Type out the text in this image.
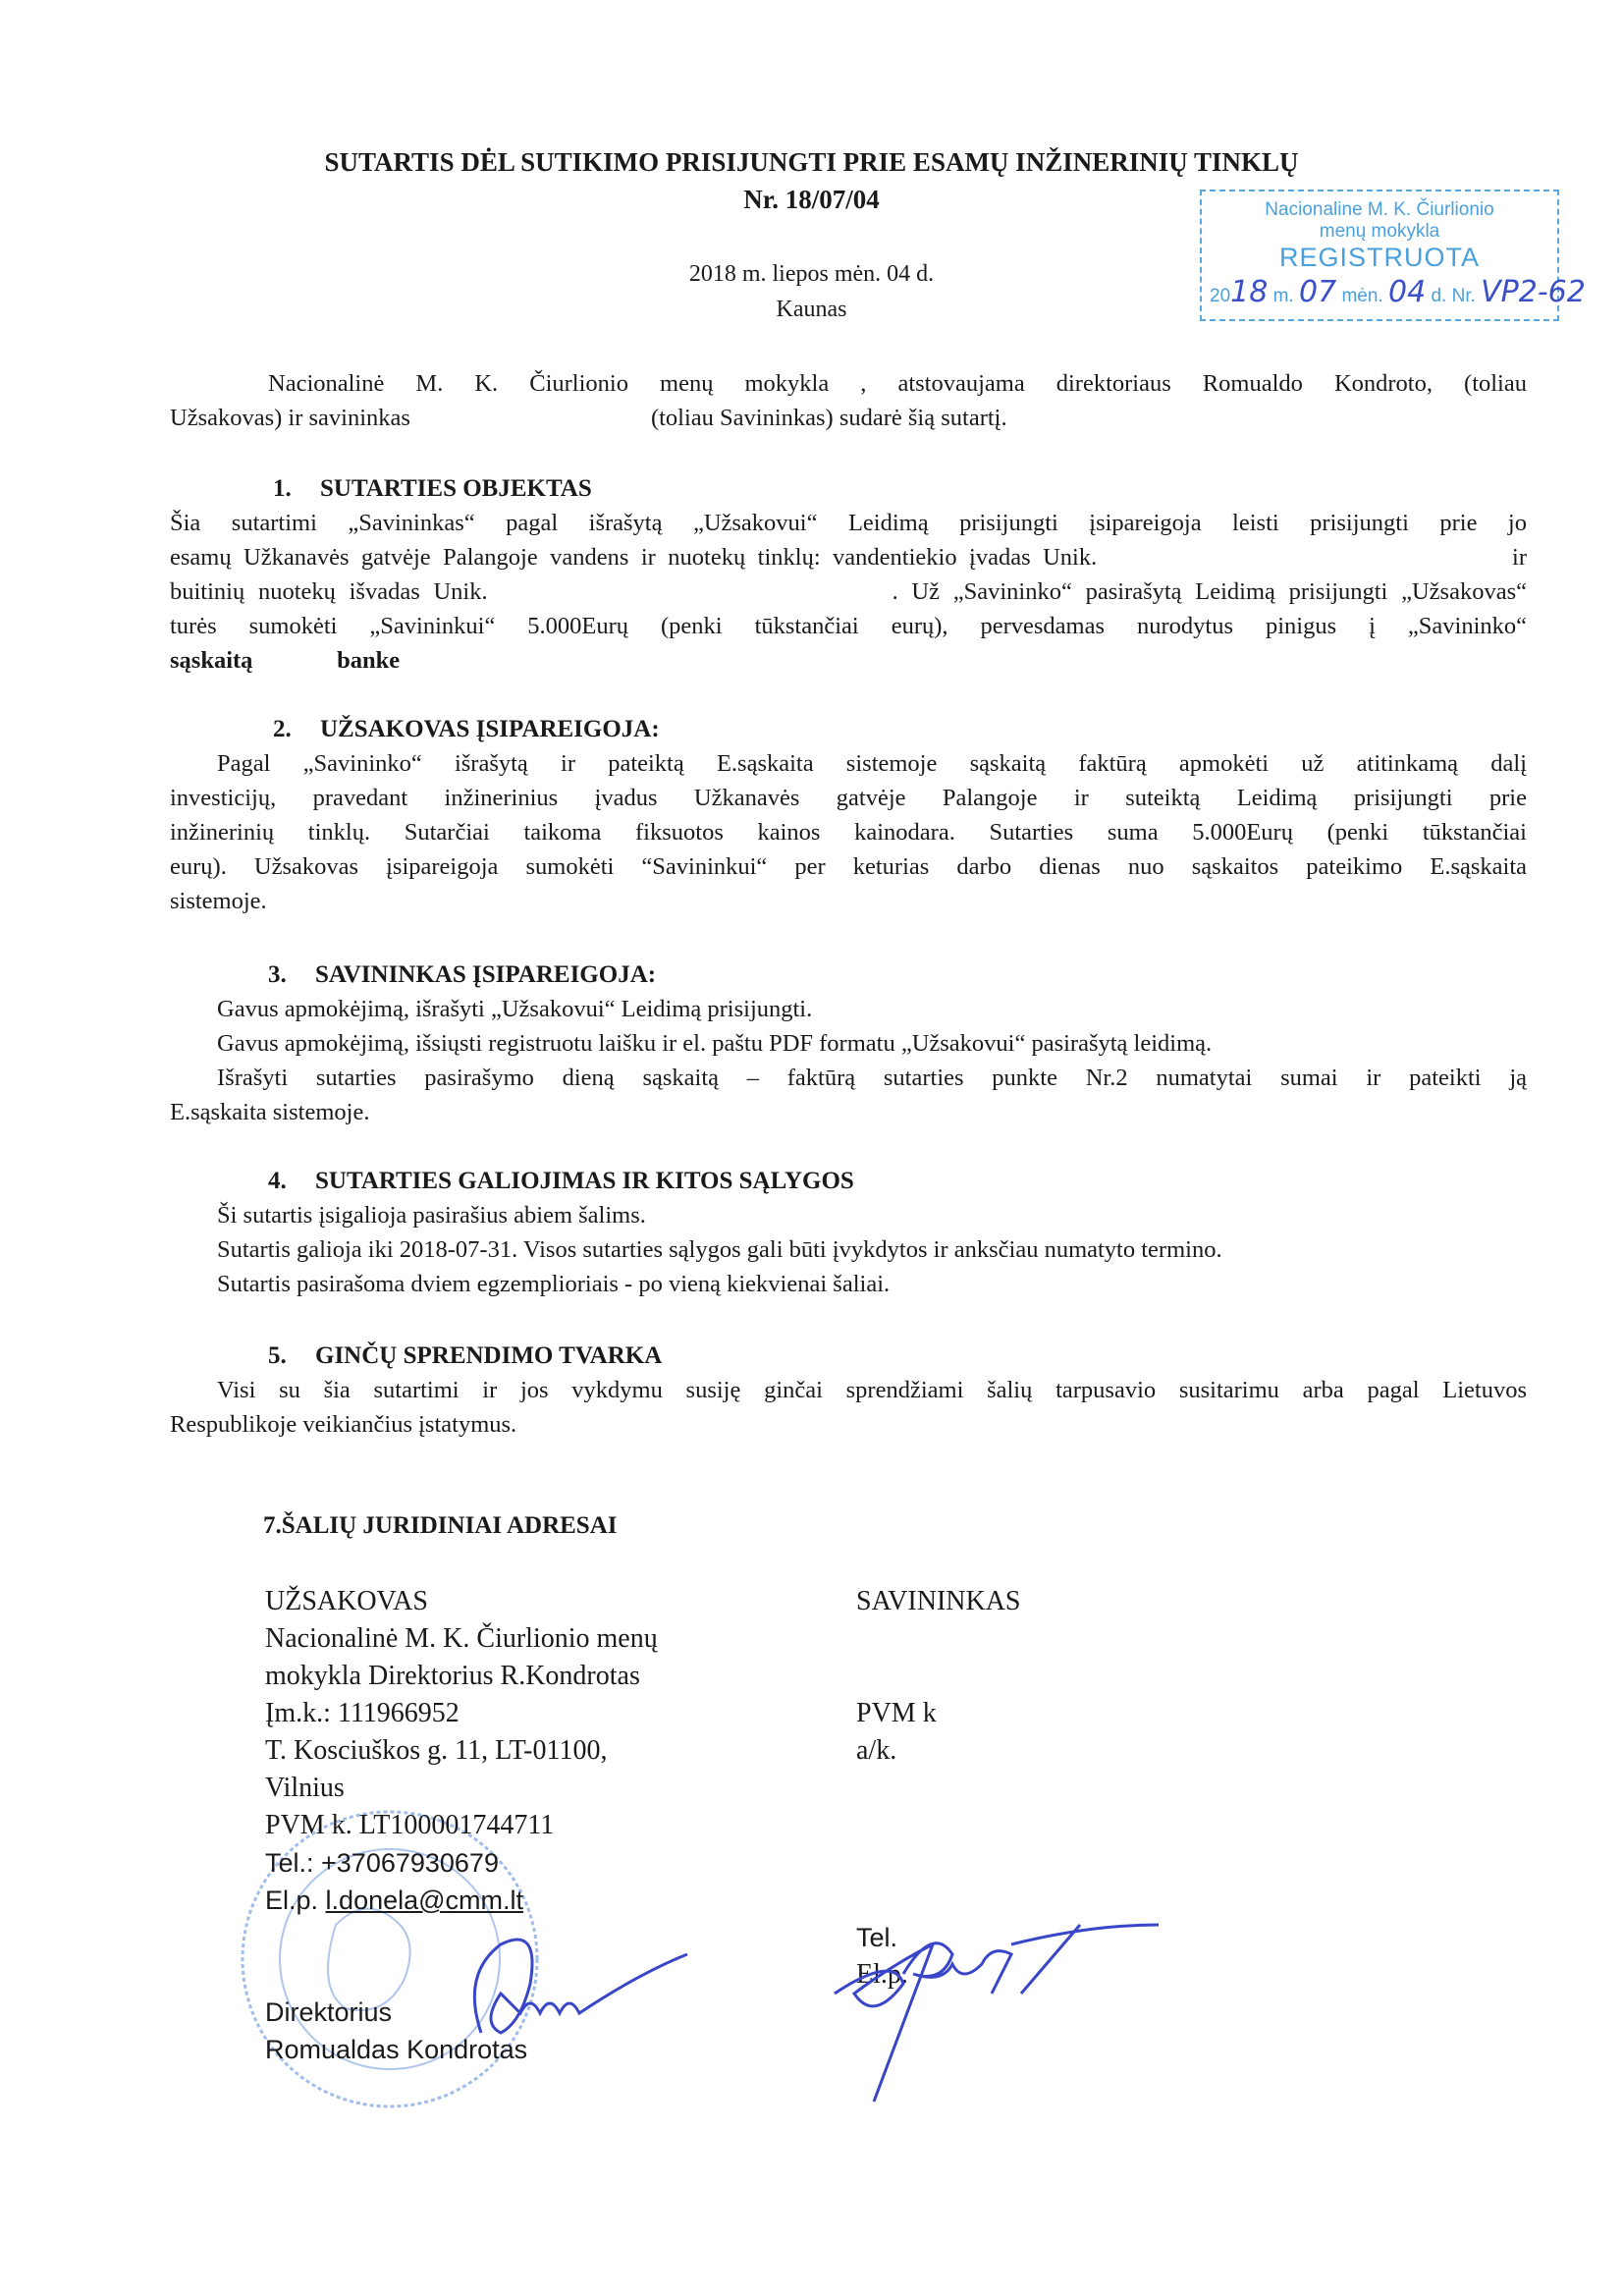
SUTARTIS DĖL SUTIKIMO PRISIJUNGTI PRIE ESAMŲ INŽINERINIŲ TINKLŲ
Nr. 18/07/04
2018 m. liepos mėn. 04 d.
Kaunas
Nacionaline M. K. Čiurlionio
menų mokykla
REGISTRUOTA
2018 m. 07 mėn. 04 d. Nr. VP2-62
Nacionalinė M. K. Čiurlionio menų mokykla , atstovaujama direktoriaus Romualdo Kondroto, (toliau
Užsakovas) ir savininkas                                        (toliau Savininkas) sudarė šią sutartį.
1. SUTARTIES OBJEKTAS
Šia sutartimi „Savininkas“ pagal išrašytą „Užsakovui“ Leidimą prisijungti įsipareigoja leisti prisijungti prie jo
esamų Užkanavės gatvėje Palangoje vandens ir nuotekų tinklų: vandentiekio įvadas Unik.                                  ir
buitinių nuotekų išvadas Unik.                              . Už „Savininko“ pasirašytą Leidimą prisijungti „Užsakovas“
turės sumokėti „Savininkui“ 5.000Eurų (penki tūkstančiai eurų), pervesdamas nurodytus pinigus į „Savininko“
sąskaitą              banke
2. UŽSAKOVAS ĮSIPAREIGOJA:
Pagal „Savininko“ išrašytą ir pateiktą E.sąskaita sistemoje sąskaitą faktūrą apmokėti už atitinkamą dalį
investicijų, pravedant inžinerinius įvadus Užkanavės gatvėje Palangoje ir suteiktą Leidimą prisijungti prie
inžinerinių tinklų. Sutarčiai taikoma fiksuotos kainos kainodara. Sutarties suma 5.000Eurų (penki tūkstančiai
eurų). Užsakovas įsipareigoja sumokėti “Savininkui“ per keturias darbo dienas nuo sąskaitos pateikimo E.sąskaita
sistemoje.
3. SAVININKAS ĮSIPAREIGOJA:
Gavus apmokėjimą, išrašyti „Užsakovui“ Leidimą prisijungti.
Gavus apmokėjimą, išsiųsti registruotu laišku ir el. paštu PDF formatu „Užsakovui“ pasirašytą leidimą.
Išrašyti sutarties pasirašymo dieną sąskaitą – faktūrą sutarties punkte Nr.2 numatytai sumai ir pateikti ją
E.sąskaita sistemoje.
4. SUTARTIES GALIOJIMAS IR KITOS SĄLYGOS
Ši sutartis įsigalioja pasirašius abiem šalims.
Sutartis galioja iki 2018-07-31. Visos sutarties sąlygos gali būti įvykdytos ir anksčiau numatyto termino.
Sutartis pasirašoma dviem egzemplioriais - po vieną kiekvienai šaliai.
5. GINČŲ SPRENDIMO TVARKA
Visi su šia sutartimi ir jos vykdymu susiję ginčai sprendžiami šalių tarpusavio susitarimu arba pagal Lietuvos
Respublikoje veikiančius įstatymus.
7.ŠALIŲ JURIDINIAI ADRESAI
UŽSAKOVAS
Nacionalinė M. K. Čiurlionio menų
mokykla Direktorius R.Kondrotas
Įm.k.: 111966952
T. Kosciuškos g. 11, LT-01100,
Vilnius
PVM k. LT100001744711
Tel.: +37067930679
El.p. l.donela@cmm.lt
Direktorius
Romualdas Kondrotas
SAVININKAS
PVM k
a/k.
Tel.
El.p.
